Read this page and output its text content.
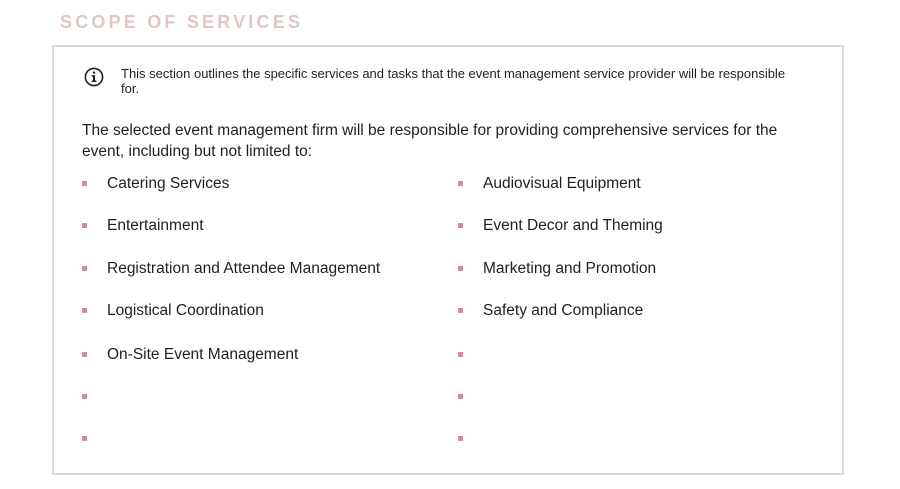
SCOPE OF SERVICES
This section outlines the specific services and tasks that the event management service provider will be responsible for.
The selected event management firm will be responsible for providing comprehensive services for the event, including but not limited to:
Catering Services
Entertainment
Registration and Attendee Management
Logistical Coordination
On-Site Event Management
Audiovisual Equipment
Event Decor and Theming
Marketing and Promotion
Safety and Compliance
